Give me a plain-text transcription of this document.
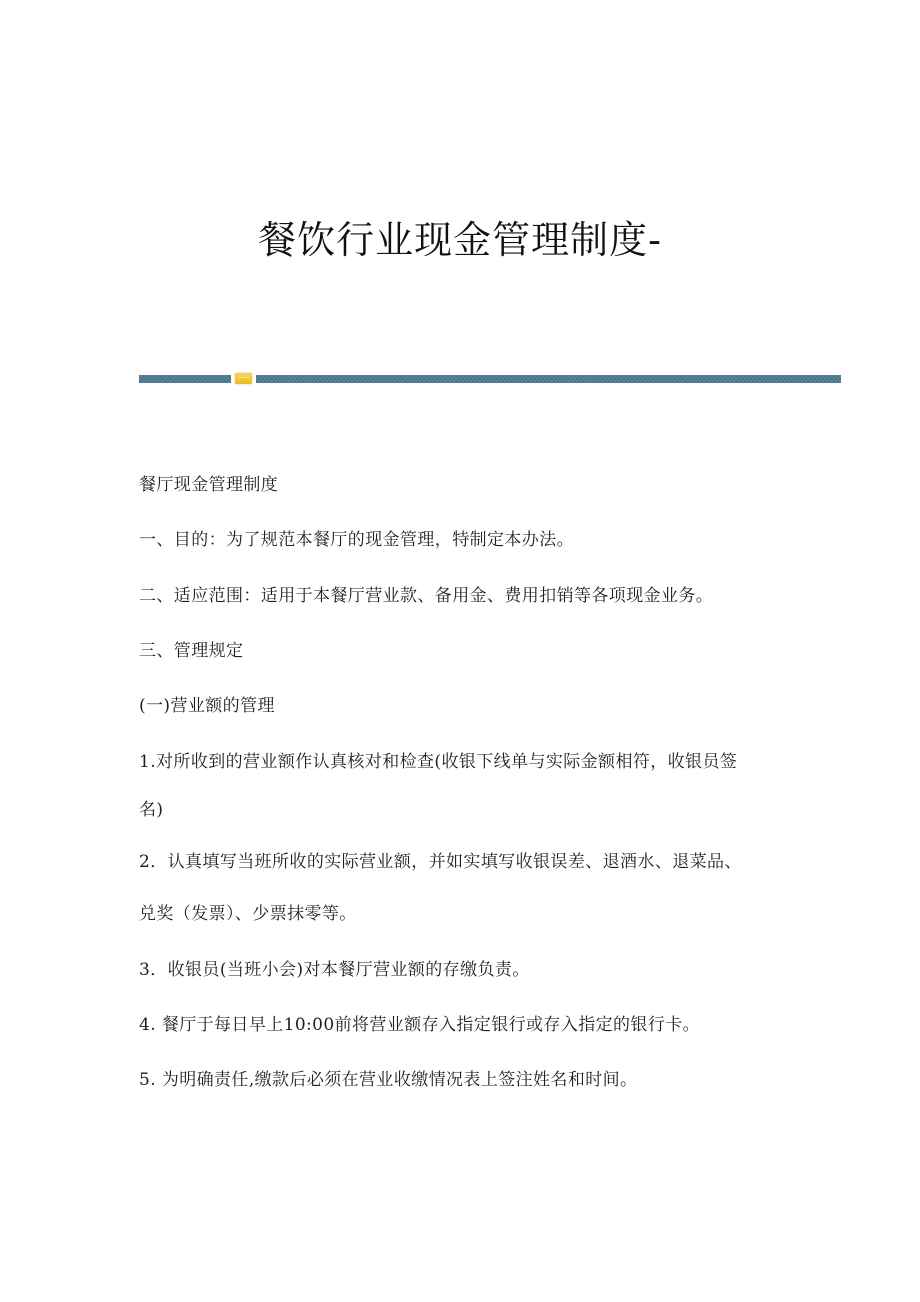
餐饮行业现金管理制度-
餐厅现金管理制度
一、目的：为了规范本餐厅的现金管理，特制定本办法。
二、适应范围：适用于本餐厅营业款、备用金、费用扣销等各项现金业务。
三、管理规定
(一)营业额的管理
1.对所收到的营业额作认真核对和检查(收银下线单与实际金额相符，收银员签
名)
2．认真填写当班所收的实际营业额，并如实填写收银误差、退酒水、退菜品、
兑奖（发票）、少票抹零等。
3．收银员(当班小会)对本餐厅营业额的存缴负责。
4. 餐厅于每日早上10:00前将营业额存入指定银行或存入指定的银行卡。
5. 为明确责任,缴款后必须在营业收缴情况表上签注姓名和时间。
